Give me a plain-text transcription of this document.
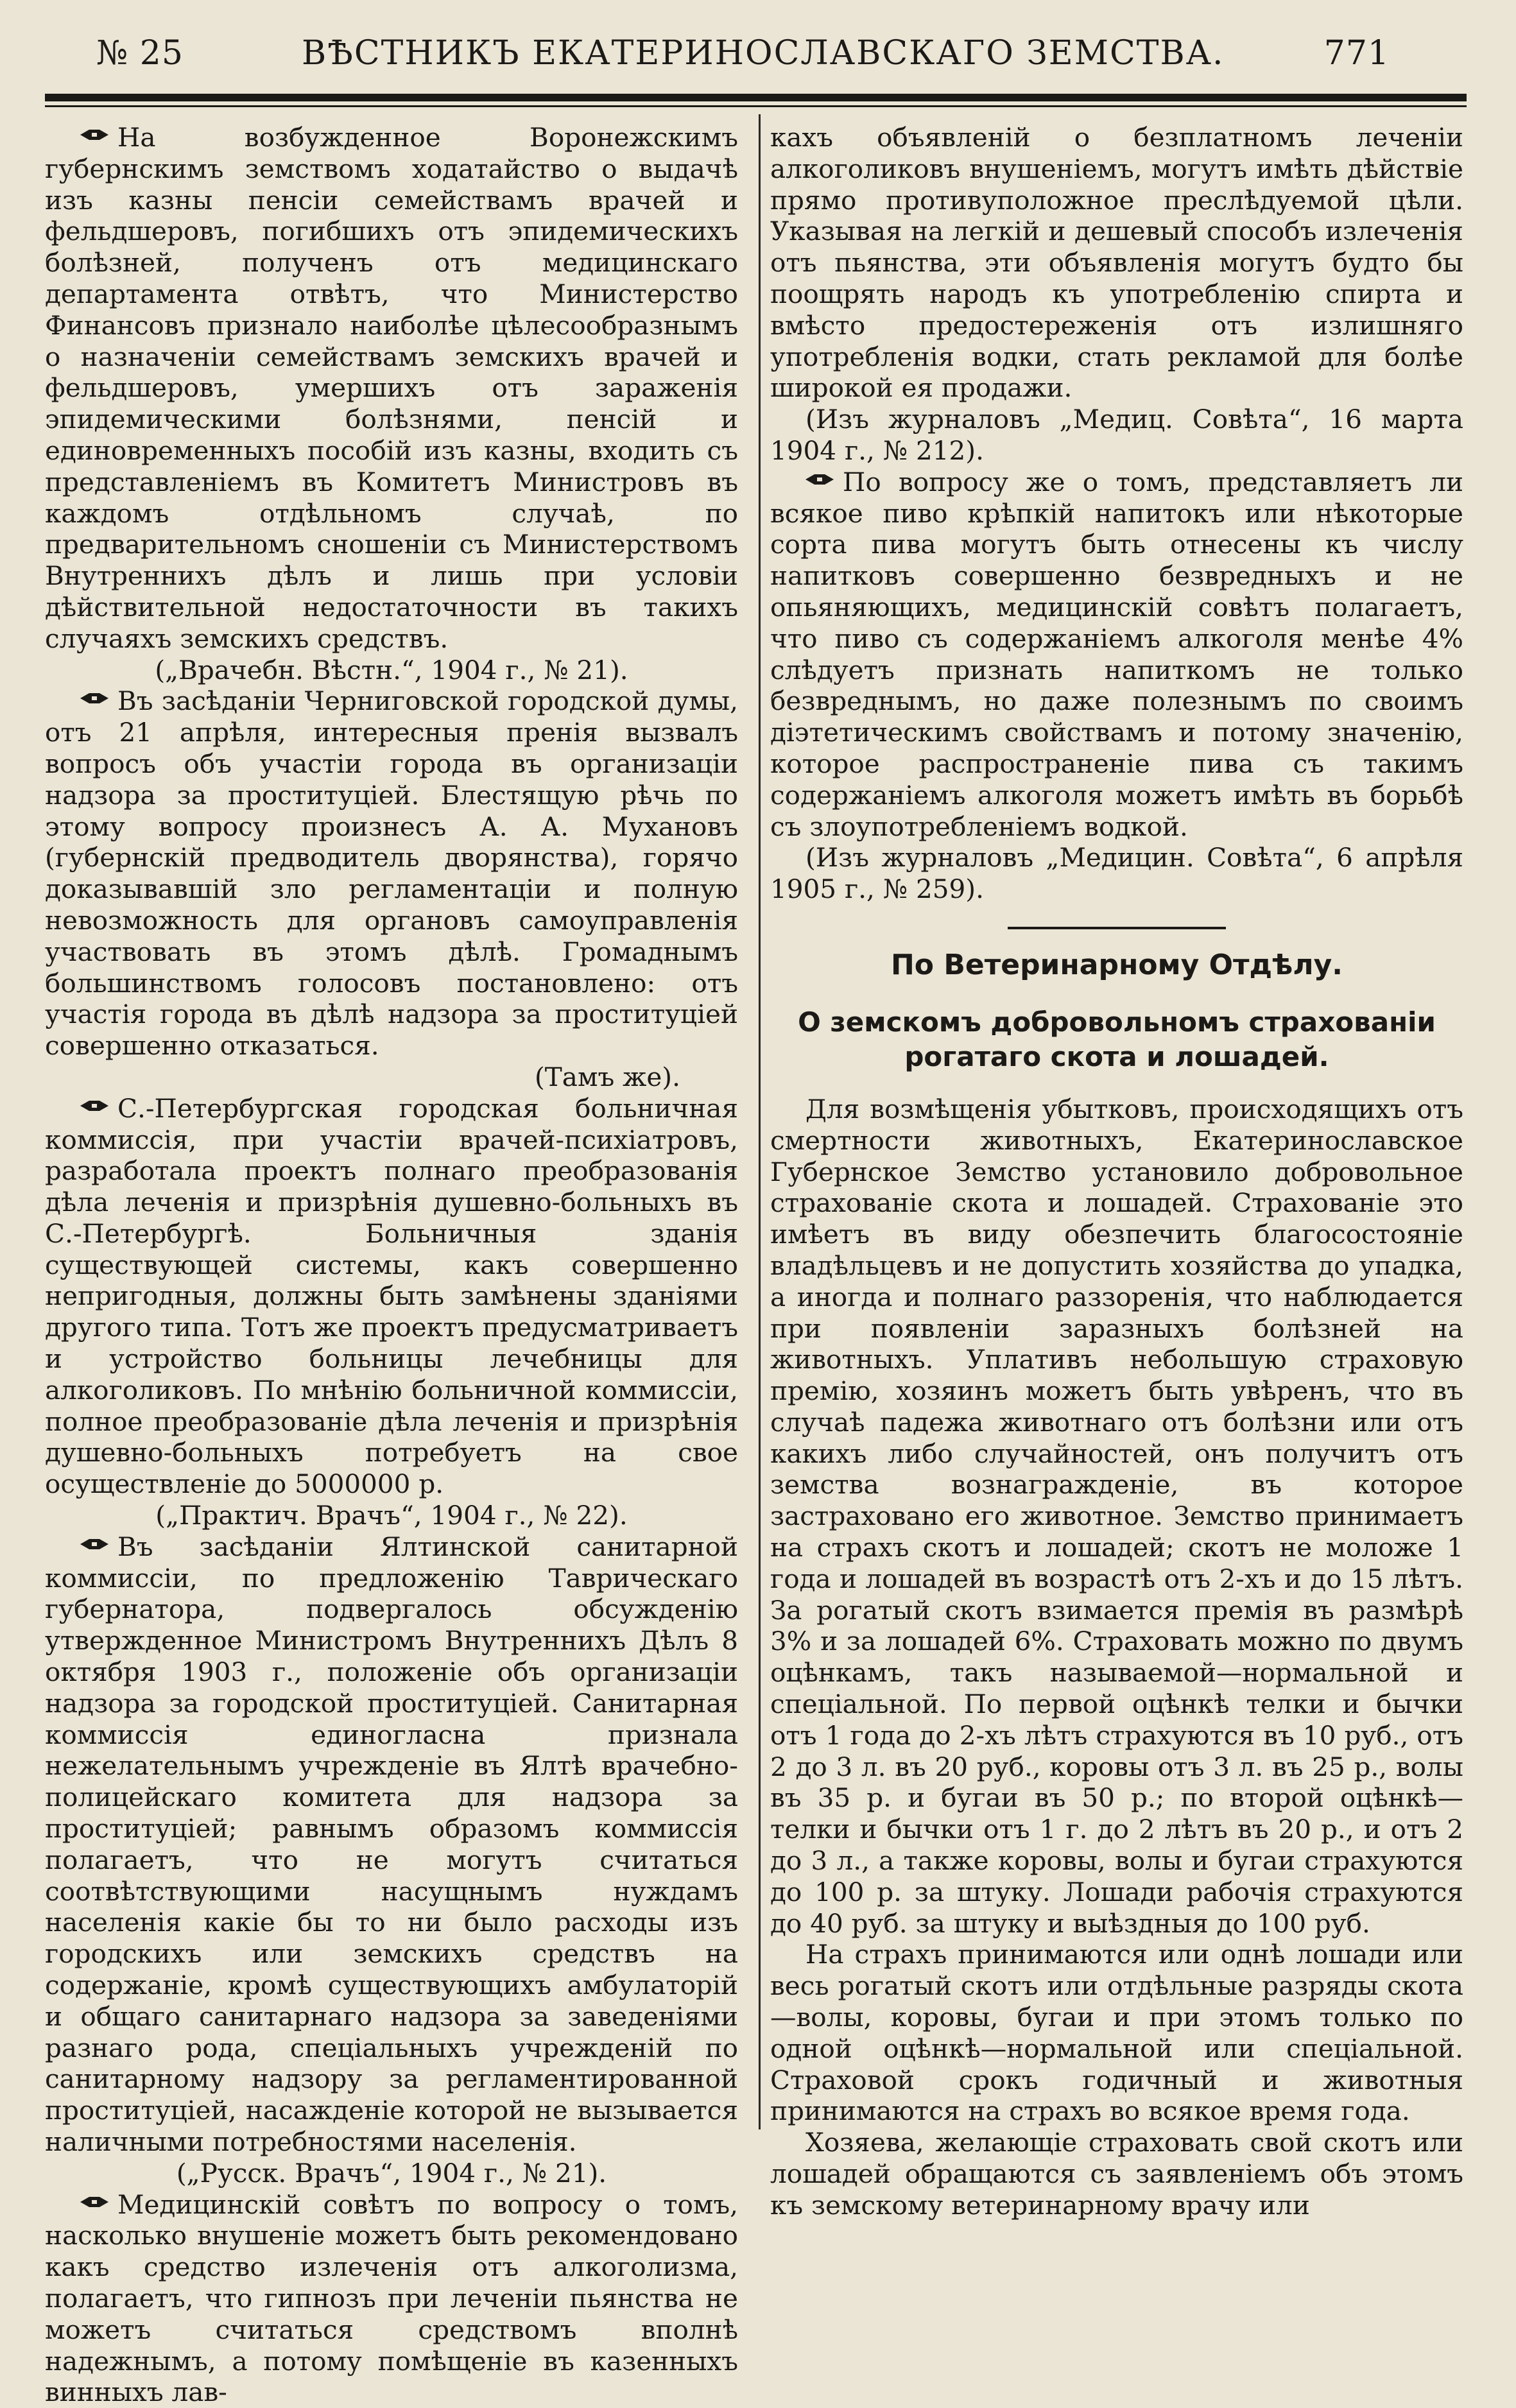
№ 25	ВѢСТНИКЪ ЕКАТЕРИНОСЛАВСКАГО ЗЕМСТВА.	771

На возбужденное Воронежскимъ губернскимъ земствомъ ходатайство о выдачѣ изъ казны пенсіи семействамъ врачей и фельдшеровъ, погибшихъ отъ эпидемическихъ болѣзней, полученъ отъ медицинскаго департамента отвѣтъ, что Министерство Финансовъ признало наиболѣе цѣлесообразнымъ о назначеніи семействамъ земскихъ врачей и фельдшеровъ, умершихъ отъ зараженія эпидемическими болѣзнями, пенсій и единовременныхъ пособій изъ казны, входить съ представленіемъ въ Комитетъ Министровъ въ каждомъ отдѣльномъ случаѣ, по предварительномъ сношеніи съ Министерствомъ Внутреннихъ дѣлъ и лишь при условіи дѣйствительной недостаточности въ такихъ случаяхъ земскихъ средствъ.

(„Врачебн. Вѣстн.“, 1904 г., № 21).

Въ засѣданіи Черниговской городской думы, отъ 21 апрѣля, интересныя пренія вызвалъ вопросъ объ участіи города въ организаціи надзора за проституціей. Блестящую рѣчь по этому вопросу произнесъ А. А. Мухановъ (губернскій предводитель дворянства), горячо доказывавшій зло регламентаціи и полную невозможность для органовъ самоуправленія участвовать въ этомъ дѣлѣ. Громаднымъ большинствомъ голосовъ постановлено: отъ участія города въ дѣлѣ надзора за проституціей совершенно отказаться.

(Тамъ же).

С.-Петербургская городская больничная коммиссія, при участіи врачей-психіатровъ, разработала проектъ полнаго преобразованія дѣла леченія и призрѣнія душевно-больныхъ въ С.-Петербургѣ. Больничныя зданія существующей системы, какъ совершенно непригодныя, должны быть замѣнены зданіями другого типа. Тотъ же проектъ предусматриваетъ и устройство больницы лечебницы для алкоголиковъ. По мнѣнію больничной коммиссіи, полное преобразованіе дѣла леченія и призрѣнія душевно-больныхъ потребуетъ на свое осуществленіе до 5000000 р.

(„Практич. Врачъ“, 1904 г., № 22).

Въ засѣданіи Ялтинской санитарной коммиссіи, по предложенію Таврическаго губернатора, подвергалось обсужденію утвержденное Министромъ Внутреннихъ Дѣлъ 8 октября 1903 г., положеніе объ организаціи надзора за городской проституціей. Санитарная коммиссія единогласна признала нежелательнымъ учрежденіе въ Ялтѣ врачебно-полицейскаго комитета для надзора за проституціей; равнымъ образомъ коммиссія полагаетъ, что не могутъ считаться соотвѣтствующими насущнымъ нуждамъ населенія какіе бы то ни было расходы изъ городскихъ или земскихъ средствъ на содержаніе, кромѣ существующихъ амбулаторій и общаго санитарнаго надзора за заведеніями разнаго рода, спеціальныхъ учрежденій по санитарному надзору за регламентированной проституціей, насажденіе которой не вызывается наличными потребностями населенія.

(„Русск. Врачъ“, 1904 г., № 21).

Медицинскій совѣтъ по вопросу о томъ, насколько внушеніе можетъ быть рекомендовано какъ средство излеченія отъ алкоголизма, полагаетъ, что гипнозъ при леченіи пьянства не можетъ считаться средствомъ вполнѣ надежнымъ, а потому помѣщеніе въ казенныхъ винныхъ лав-

кахъ объявленій о безплатномъ леченіи алкоголиковъ внушеніемъ, могутъ имѣть дѣйствіе прямо противуположное преслѣдуемой цѣли. Указывая на легкій и дешевый способъ излеченія отъ пьянства, эти объявленія могутъ будто бы поощрять народъ къ употребленію спирта и вмѣсто предостереженія отъ излишняго употребленія водки, стать рекламой для болѣе широкой ея продажи.

(Изъ журналовъ „Медиц. Совѣта“, 16 марта 1904 г., № 212).

По вопросу же о томъ, представляетъ ли всякое пиво крѣпкій напитокъ или нѣкоторые сорта пива могутъ быть отнесены къ числу напитковъ совершенно безвредныхъ и не опьяняющихъ, медицинскій совѣтъ полагаетъ, что пиво съ содержаніемъ алкоголя менѣе 4% слѣдуетъ признать напиткомъ не только безвреднымъ, но даже полезнымъ по своимъ діэтетическимъ свойствамъ и потому значенію, которое распространеніе пива съ такимъ содержаніемъ алкоголя можетъ имѣть въ борьбѣ съ злоупотребленіемъ водкой.

(Изъ журналовъ „Медицин. Совѣта“, 6 апрѣля 1905 г., № 259).

По Ветеринарному Отдѣлу.
О земскомъ добровольномъ страхованіи рогатаго скота и лошадей.

Для возмѣщенія убытковъ, происходящихъ отъ смертности животныхъ, Екатеринославское Губернское Земство установило добровольное страхованіе скота и лошадей. Страхованіе это имѣетъ въ виду обезпечить благосостояніе владѣльцевъ и не допустить хозяйства до упадка, а иногда и полнаго раззоренія, что наблюдается при появленіи заразныхъ болѣзней на животныхъ. Уплативъ небольшую страховую премію, хозяинъ можетъ быть увѣренъ, что въ случаѣ падежа животнаго отъ болѣзни или отъ какихъ либо случайностей, онъ получитъ отъ земства вознагражденіе, въ которое застраховано его животное. Земство принимаетъ на страхъ скотъ и лошадей; скотъ не моложе 1 года и лошадей въ возрастѣ отъ 2-хъ и до 15 лѣтъ. За рогатый скотъ взимается премія въ размѣрѣ 3% и за лошадей 6%. Страховать можно по двумъ оцѣнкамъ, такъ называемой—нормальной и спеціальной. По первой оцѣнкѣ телки и бычки отъ 1 года до 2-хъ лѣтъ страхуются въ 10 руб., отъ 2 до 3 л. въ 20 руб., коровы отъ 3 л. въ 25 р., волы въ 35 р. и бугаи въ 50 р.; по второй оцѣнкѣ—телки и бычки отъ 1 г. до 2 лѣтъ въ 20 р., и отъ 2 до 3 л., а также коровы, волы и бугаи страхуются до 100 р. за штуку. Лошади рабочія страхуются до 40 руб. за штуку и выѣздныя до 100 руб.

На страхъ принимаются или однѣ лошади или весь рогатый скотъ или отдѣльные разряды скота—волы, коровы, бугаи и при этомъ только по одной оцѣнкѣ—нормальной или спеціальной. Страховой срокъ годичный и животныя принимаются на страхъ во всякое время года.

Хозяева, желающіе страховать свой скотъ или лошадей обращаются съ заявленіемъ объ этомъ къ земскому ветеринарному врачу или
